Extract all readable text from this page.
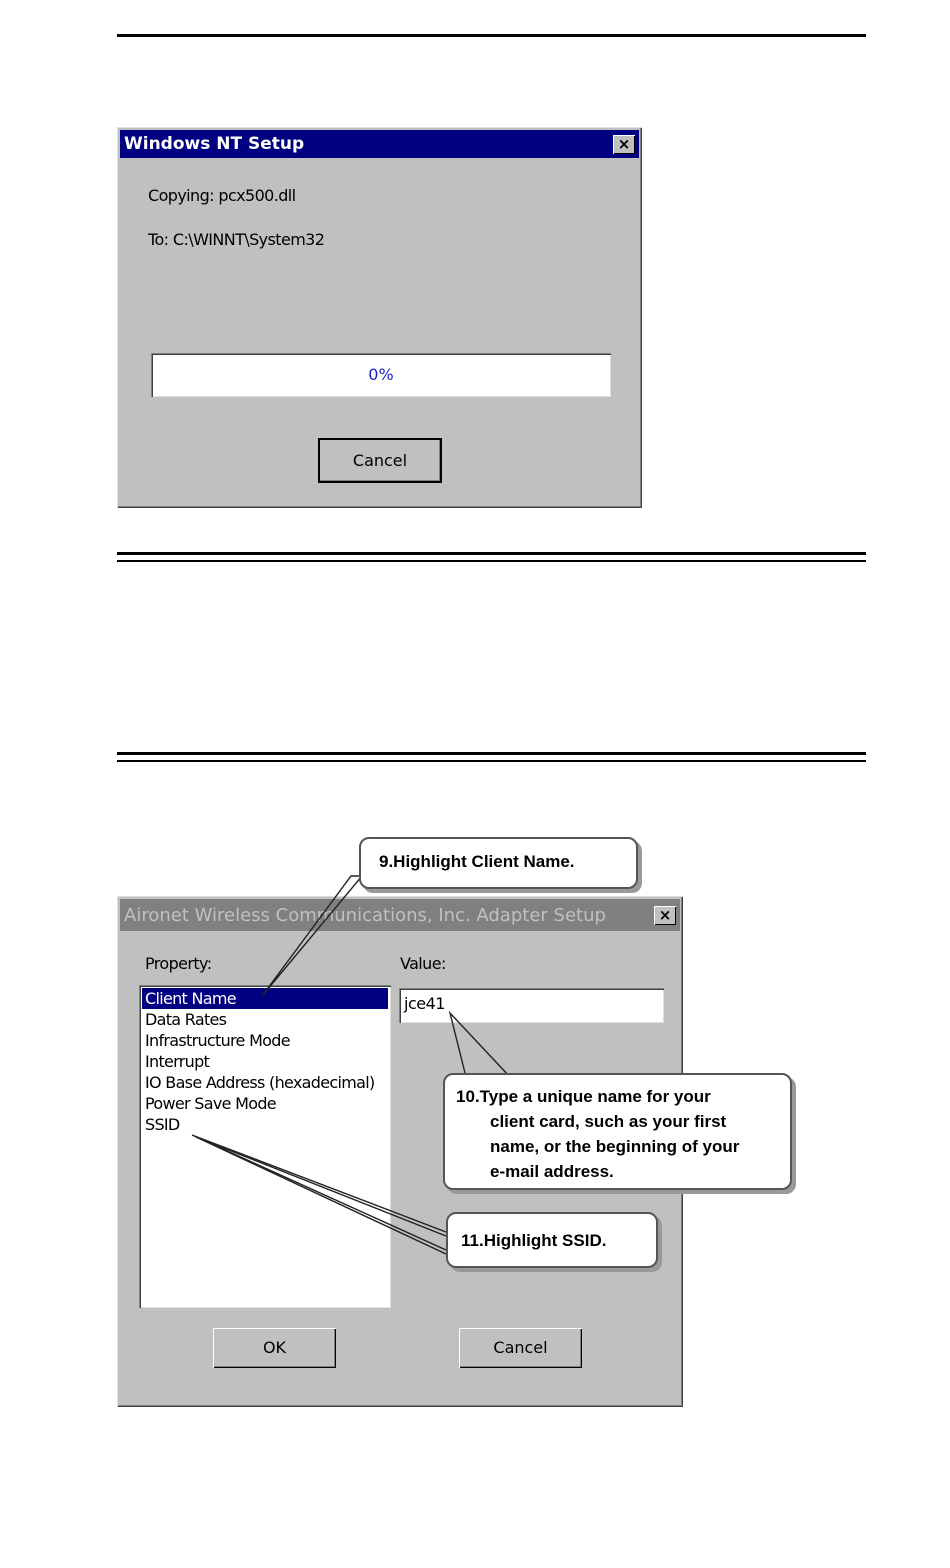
Windows NT Setup	×
Copying: pcx500.dll
To: C:\WINNT\System32
0%
Cancel
Aironet Wireless Communications, Inc. Adapter Setup	×
Property:	Value:
Client Name
Data Rates
Infrastructure Mode
Interrupt
IO Base Address (hexadecimal)
Power Save Mode
SSID
jce41
OK	Cancel
9.Highlight Client Name.
10.Type a unique name for your
client card, such as your first
name, or the beginning of your
e-mail address.
11.Highlight SSID.
